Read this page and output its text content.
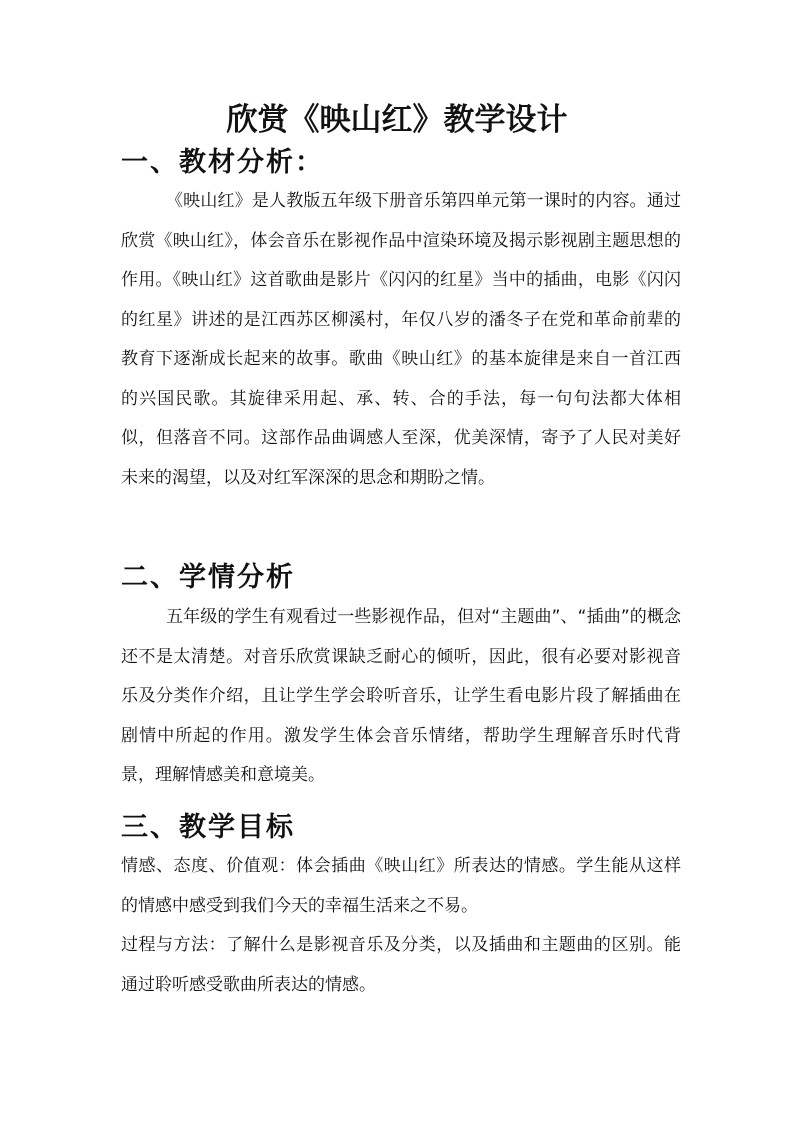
欣赏《映山红》教学设计
一、教材分析：

《映山红》是人教版五年级下册音乐第四单元第一课时的内容。通过欣赏《映山红》，体会音乐在影视作品中渲染环境及揭示影视剧主题思想的作用。《映山红》这首歌曲是影片《闪闪的红星》当中的插曲，电影《闪闪的红星》讲述的是江西苏区柳溪村，年仅八岁的潘冬子在党和革命前辈的教育下逐渐成长起来的故事。歌曲《映山红》的基本旋律是来自一首江西的兴国民歌。其旋律采用起、承、转、合的手法，每一句句法都大体相似，但落音不同。这部作品曲调感人至深，优美深情，寄予了人民对美好未来的渴望，以及对红军深深的思念和期盼之情。

二、学情分析

五年级的学生有观看过一些影视作品，但对“主题曲”、“插曲”的概念还不是太清楚。对音乐欣赏课缺乏耐心的倾听，因此，很有必要对影视音乐及分类作介绍，且让学生学会聆听音乐，让学生看电影片段了解插曲在剧情中所起的作用。激发学生体会音乐情绪，帮助学生理解音乐时代背景，理解情感美和意境美。

三、教学目标

情感、态度、价值观：体会插曲《映山红》所表达的情感。学生能从这样的情感中感受到我们今天的幸福生活来之不易。

过程与方法：了解什么是影视音乐及分类，以及插曲和主题曲的区别。能通过聆听感受歌曲所表达的情感。
